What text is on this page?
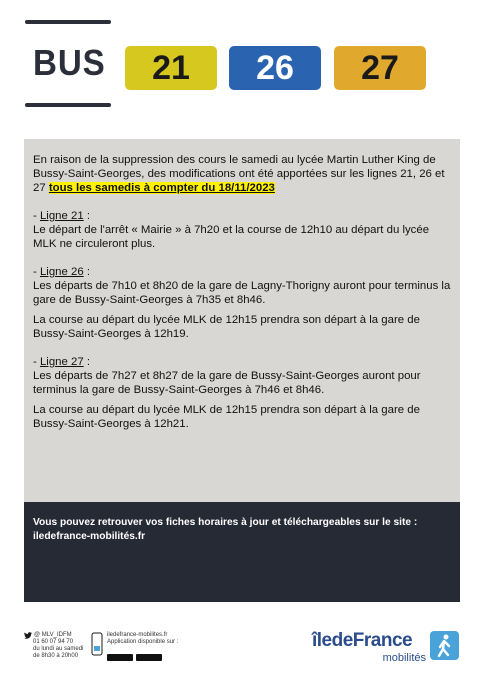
BUS 21 26 27

En raison de la suppression des cours le samedi au lycée Martin Luther King de Bussy-Saint-Georges, des modifications ont été apportées sur les lignes 21, 26 et 27 tous les samedis à compter du 18/11/2023

- Ligne 21 :

Le départ de l'arrêt « Mairie » à 7h20 et la course de 12h10 au départ du lycée MLK ne circuleront plus.

- Ligne 26 :

Les départs de 7h10 et 8h20 de la gare de Lagny-Thorigny auront pour terminus la gare de Bussy-Saint-Georges à 7h35 et 8h46.

La course au départ du lycée MLK de 12h15 prendra son départ à la gare de Bussy-Saint-Georges à 12h19.

- Ligne 27 :

Les départs de 7h27 et 8h27 de la gare de Bussy-Saint-Georges auront pour terminus la gare de Bussy-Saint-Georges à 7h46 et 8h46.

La course au départ du lycée MLK de 12h15 prendra son départ à la gare de Bussy-Saint-Georges à 12h21.

Vous pouvez retrouver vos fiches horaires à jour et téléchargeables sur le site : iledefrance-mobilités.fr
@ MLV_IDFM
01 60 07 94 70
du lundi au samedi
de 8h30 à 20h00
iledefrance-mobilites.fr
Application disponible sur :	îledeFrance
mobilités
